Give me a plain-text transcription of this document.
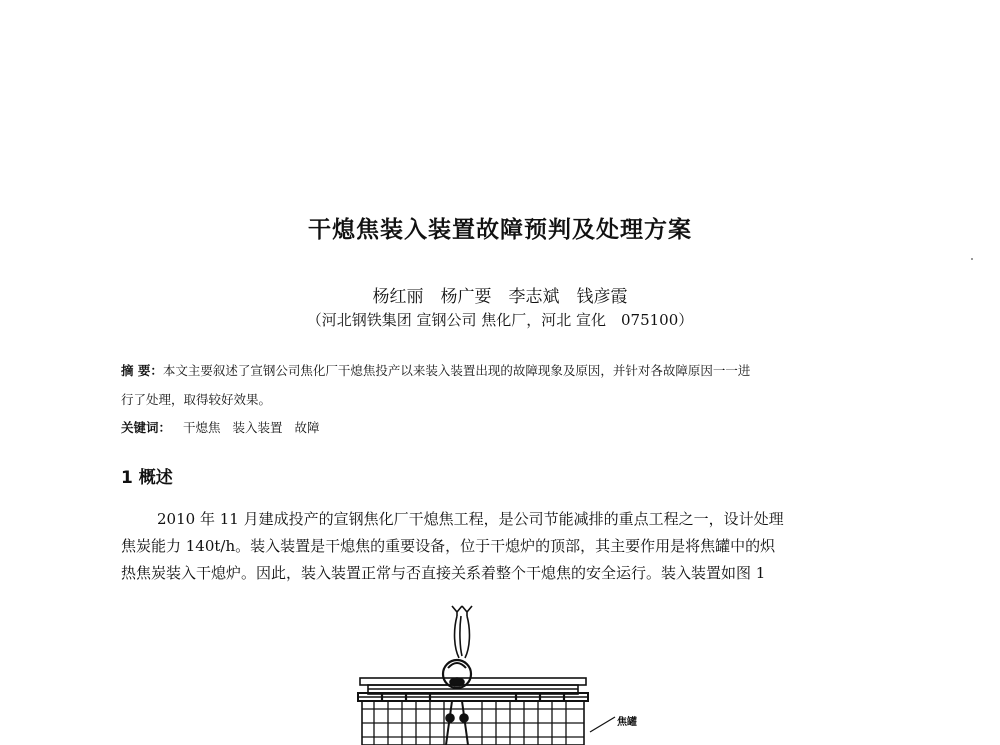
干熄焦装入装置故障预判及处理方案
杨红丽　杨广要　李志斌　钱彦霞
（河北钢铁集团 宣钢公司 焦化厂，河北 宣化　075100）
摘 要：本文主要叙述了宣钢公司焦化厂干熄焦投产以来装入装置出现的故障现象及原因，并针对各故障原因一一进
行了处理，取得较好效果。
关键词： 干熄焦 装入装置 故障
1 概述
2010 年 11 月建成投产的宣钢焦化厂干熄焦工程，是公司节能减排的重点工程之一，设计处理
焦炭能力 140t/h。装入装置是干熄焦的重要设备，位于干熄炉的顶部，其主要作用是将焦罐中的炽
热焦炭装入干熄炉。因此，装入装置正常与否直接关系着整个干熄焦的安全运行。装入装置如图 1
焦罐
